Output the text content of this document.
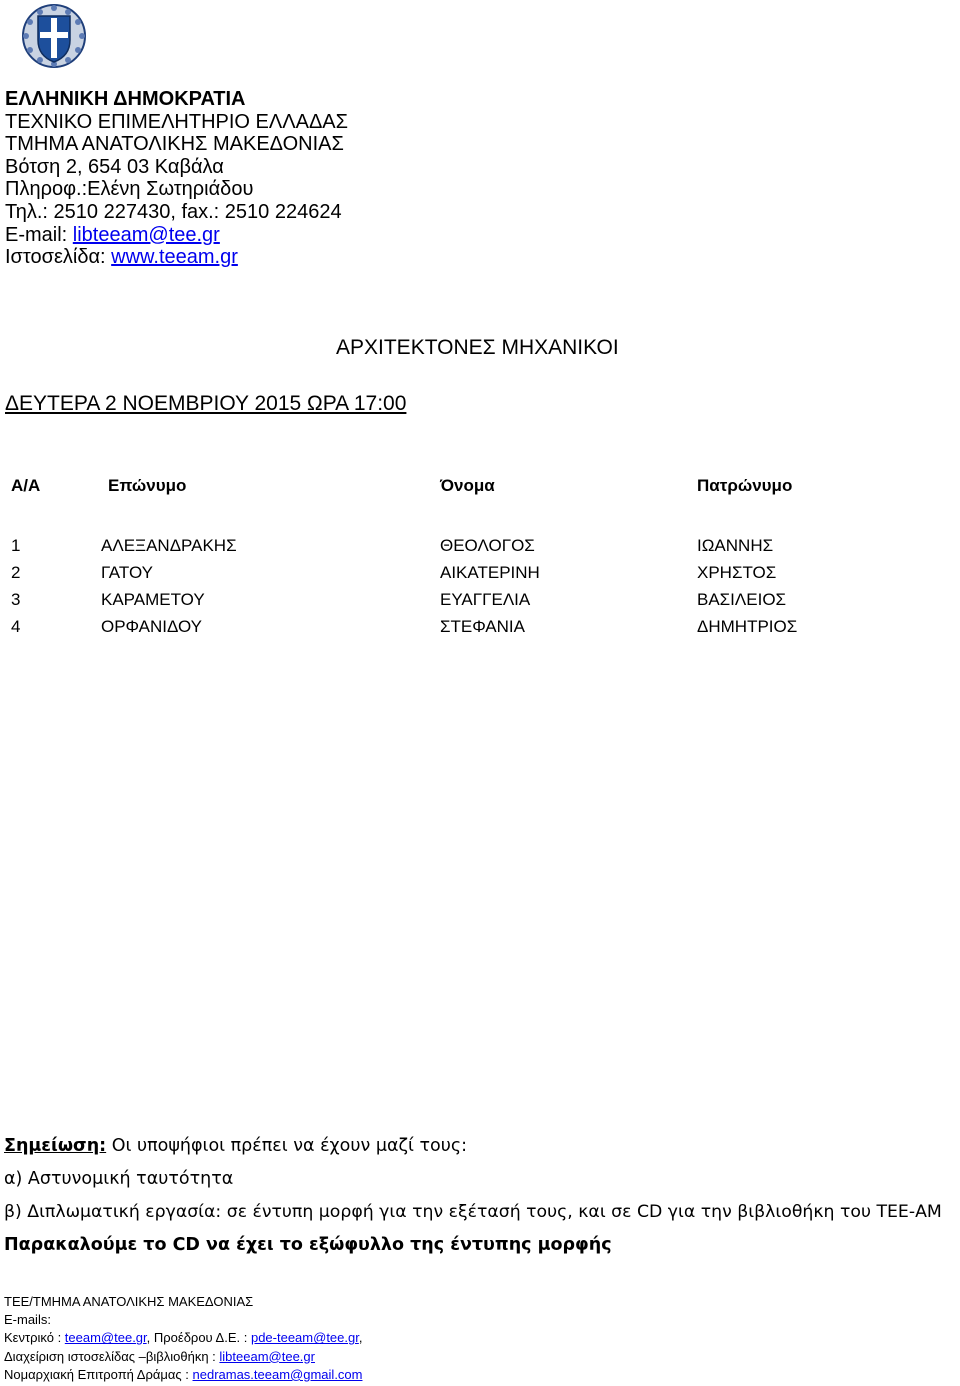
ΕΛΛΗΝΙΚΗ ΔΗΜΟΚΡΑΤΙΑ
ΤΕΧΝΙΚΟ ΕΠΙΜΕΛΗΤΗΡΙΟ ΕΛΛΑΔΑΣ
ΤΜΗΜΑ ΑΝΑΤΟΛΙΚΗΣ ΜΑΚΕΔΟΝΙΑΣ
Βότση 2, 654 03 Καβάλα
Πληροφ.:Ελένη Σωτηριάδου
Τηλ.: 2510 227430, fax.: 2510 224624
E-mail: libteeam@tee.gr
Ιστοσελίδα: www.teeam.gr
ΑΡΧΙΤΕΚΤΟΝΕΣ ΜΗΧΑΝΙΚΟΙ
ΔΕΥΤΕΡΑ 2 ΝΟΕΜΒΡΙΟΥ 2015 ΩΡΑ 17:00
Α/Α	Επώνυμο	Όνομα	Πατρώνυμο
1	ΑΛΕΞΑΝΔΡΑΚΗΣ	ΘΕΟΛΟΓΟΣ	ΙΩΑΝΝΗΣ
2	ΓΑΤΟΥ	ΑΙΚΑΤΕΡΙΝΗ	ΧΡΗΣΤΟΣ
3	ΚΑΡΑΜΕΤΟΥ	ΕΥΑΓΓΕΛΙΑ	ΒΑΣΙΛΕΙΟΣ
4	ΟΡΦΑΝΙΔΟΥ	ΣΤΕΦΑΝΙΑ	ΔΗΜΗΤΡΙΟΣ
Σημείωση: Οι υποψήφιοι πρέπει να έχουν μαζί τους:
α) Αστυνομική ταυτότητα
β) Διπλωματική εργασία: σε έντυπη μορφή για την εξέτασή τους, και σε CD για την βιβλιοθήκη του ΤΕΕ-ΑΜ
Παρακαλούμε το CD να έχει το εξώφυλλο της έντυπης μορφής
ΤΕΕ/ΤΜΗΜΑ ΑΝΑΤΟΛΙΚΗΣ ΜΑΚΕΔΟΝΙΑΣ
E-mails:
Κεντρικό : teeam@tee.gr, Προέδρου Δ.Ε. : pde-teeam@tee.gr,
Διαχείριση ιστοσελίδας –βιβλιοθήκη : libteeam@tee.gr
Νομαρχιακή Επιτροπή Δράμας : nedramas.teeam@gmail.com
